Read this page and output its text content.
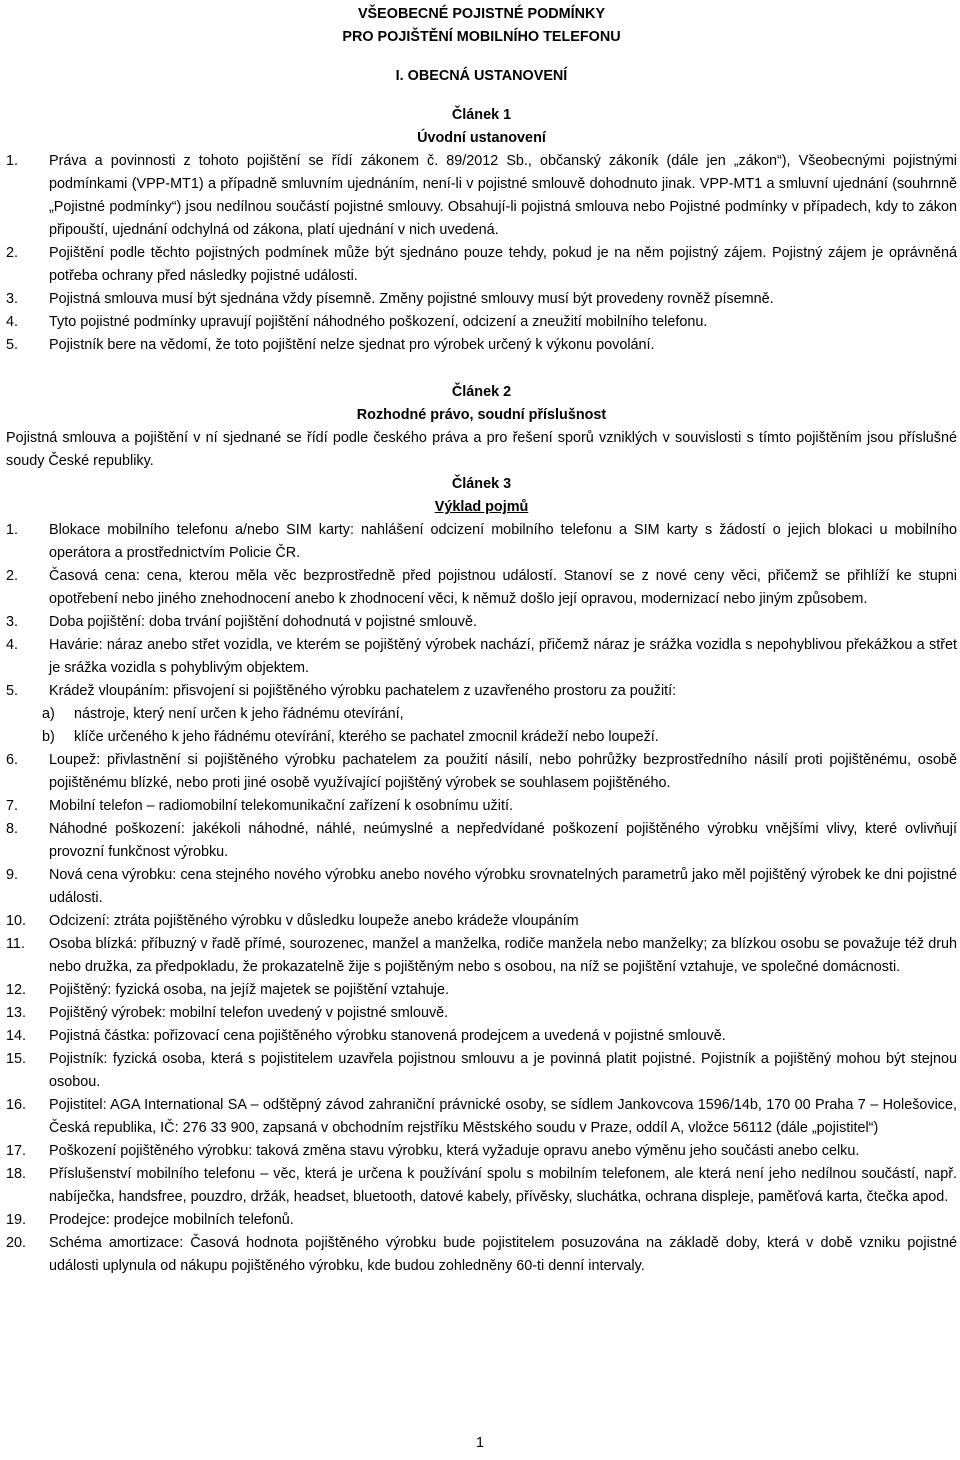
VŠEOBECNÉ POJISTNÉ PODMÍNKY
PRO POJIŠTĚNÍ MOBILNÍHO TELEFONU
I. OBECNÁ USTANOVENÍ
Článek 1
Úvodní ustanovení
1.	Práva a povinnosti z tohoto pojištění se řídí zákonem č. 89/2012 Sb., občanský zákoník (dále jen „zákon“), Všeobecnými pojistnými podmínkami (VPP-MT1) a případně smluvním ujednáním, není-li v pojistné smlouvě dohodnuto jinak. VPP-MT1 a smluvní ujednání (souhrnně „Pojistné podmínky“) jsou nedílnou součástí pojistné smlouvy. Obsahují-li pojistná smlouva nebo Pojistné podmínky v případech, kdy to zákon připouští, ujednání odchylná od zákona, platí ujednání v nich uvedená.
2.	Pojištění podle těchto pojistných podmínek může být sjednáno pouze tehdy, pokud je na něm pojistný zájem. Pojistný zájem je oprávněná potřeba ochrany před následky pojistné události.
3.	Pojistná smlouva musí být sjednána vždy písemně. Změny pojistné smlouvy musí být provedeny rovněž písemně.
4.	Tyto pojistné podmínky upravují pojištění náhodného poškození, odcizení a zneužití mobilního telefonu.
5.	Pojistník bere na vědomí, že toto pojištění nelze sjednat pro výrobek určený k výkonu povolání.
Článek 2
Rozhodné právo, soudní příslušnost
Pojistná smlouva a pojištění v ní sjednané se řídí podle českého práva a pro řešení sporů vzniklých v souvislosti s tímto pojištěním jsou příslušné soudy České republiky.
Článek 3
Výklad pojmů
1.	Blokace mobilního telefonu a/nebo SIM karty: nahlášení odcizení mobilního telefonu a SIM karty s žádostí o jejich blokaci u mobilního operátora a prostřednictvím Policie ČR.
2.	Časová cena: cena, kterou měla věc bezprostředně před pojistnou událostí. Stanoví se z nové ceny věci, přičemž se přihlíží ke stupni opotřebení nebo jiného znehodnocení anebo k zhodnocení věci, k němuž došlo její opravou, modernizací nebo jiným způsobem.
3.	Doba pojištění: doba trvání pojištění dohodnutá v pojistné smlouvě.
4.	Havárie: náraz anebo střet vozidla, ve kterém se pojištěný výrobek nachází, přičemž náraz je srážka vozidla s nepohyblivou překážkou a střet je srážka vozidla s pohyblivým objektem.
5.	Krádež vloupáním: přisvojení si pojištěného výrobku pachatelem z uzavřeného prostoru za použití:
a)	nástroje, který není určen k jeho řádnému otevírání,
b)	klíče určeného k jeho řádnému otevírání, kterého se pachatel zmocnil krádeží nebo loupeží.
6.	Loupež: přivlastnění si pojištěného výrobku pachatelem za použití násilí, nebo pohrůžky bezprostředního násilí proti pojištěnému, osobě pojištěnému blízké, nebo proti jiné osobě využívající pojištěný výrobek se souhlasem pojištěného.
7.	Mobilní telefon – radiomobilní telekomunikační zařízení k osobnímu užití.
8.	Náhodné poškození: jakékoli náhodné, náhlé, neúmyslné a nepředvídané poškození pojištěného výrobku vnějšími vlivy, které ovlivňují provozní funkčnost výrobku.
9.	Nová cena výrobku: cena stejného nového výrobku anebo nového výrobku srovnatelných parametrů jako měl pojištěný výrobek ke dni pojistné události.
10.	Odcizení: ztráta pojištěného výrobku v důsledku loupeže anebo krádeže vloupáním
11.	Osoba blízká: příbuzný v řadě přímé, sourozenec, manžel a manželka, rodiče manžela nebo manželky; za blízkou osobu se považuje též druh nebo družka, za předpokladu, že prokazatelně žije s pojištěným nebo s osobou, na níž se pojištění vztahuje, ve společné domácnosti.
12.	Pojištěný: fyzická osoba, na jejíž majetek se pojištění vztahuje.
13.	Pojištěný výrobek: mobilní telefon uvedený v pojistné smlouvě.
14.	Pojistná částka: pořizovací cena pojištěného výrobku stanovená prodejcem a uvedená v pojistné smlouvě.
15.	Pojistník: fyzická osoba, která s pojistitelem uzavřela pojistnou smlouvu a je povinná platit pojistné. Pojistník a pojištěný mohou být stejnou osobou.
16.	Pojistitel: AGA International SA – odštěpný závod zahraniční právnické osoby, se sídlem Jankovcova 1596/14b, 170 00 Praha 7 – Holešovice, Česká republika, IČ: 276 33 900, zapsaná v obchodním rejstříku Městského soudu v Praze, oddíl A, vložce 56112 (dále „pojistitel“)
17.	Poškození pojištěného výrobku: taková změna stavu výrobku, která vyžaduje opravu anebo výměnu jeho součásti anebo celku.
18.	Příslušenství mobilního telefonu – věc, která je určena k používání spolu s mobilním telefonem, ale která není jeho nedílnou součástí, např. nabíječka, handsfree, pouzdro, držák, headset, bluetooth, datové kabely, přívěsky, sluchátka, ochrana displeje, paměťová karta, čtečka apod.
19.	Prodejce: prodejce mobilních telefonů.
20.	Schéma amortizace: Časová hodnota pojištěného výrobku bude pojistitelem posuzována na základě doby, která v době vzniku pojistné události uplynula od nákupu pojištěného výrobku, kde budou zohledněny 60-ti denní intervaly.
1
